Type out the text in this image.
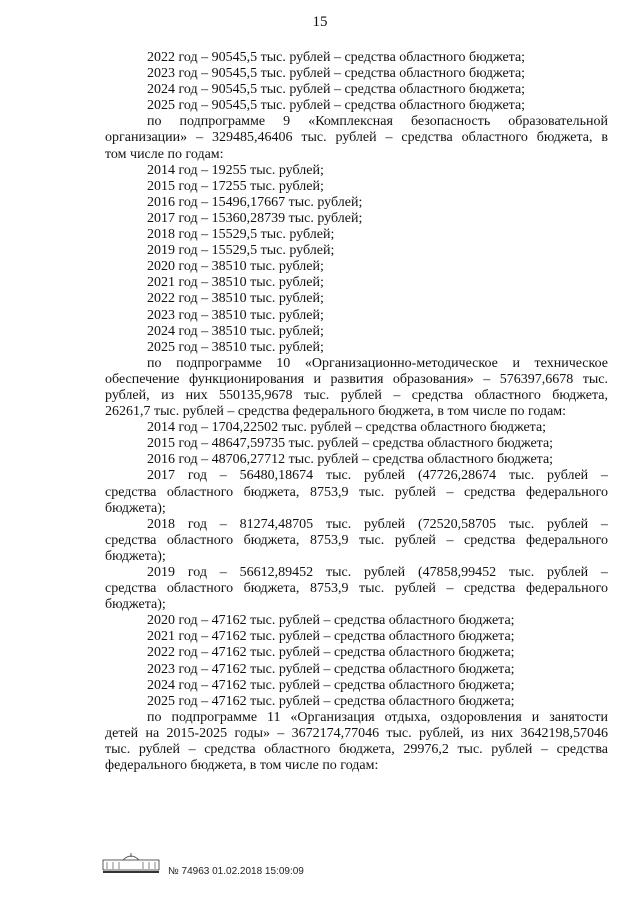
15
2022 год – 90545,5 тыс. рублей – средства областного бюджета;
2023 год – 90545,5 тыс. рублей – средства областного бюджета;
2024 год – 90545,5 тыс. рублей – средства областного бюджета;
2025 год – 90545,5 тыс. рублей – средства областного бюджета;
по подпрограмме 9 «Комплексная безопасность образовательной
организации» – 329485,46406 тыс. рублей – средства областного бюджета, в
том числе по годам:
2014 год – 19255 тыс. рублей;
2015 год – 17255 тыс. рублей;
2016 год – 15496,17667 тыс. рублей;
2017 год – 15360,28739 тыс. рублей;
2018 год – 15529,5 тыс. рублей;
2019 год – 15529,5 тыс. рублей;
2020 год – 38510 тыс. рублей;
2021 год – 38510 тыс. рублей;
2022 год – 38510 тыс. рублей;
2023 год – 38510 тыс. рублей;
2024 год – 38510 тыс. рублей;
2025 год – 38510 тыс. рублей;
по подпрограмме 10 «Организационно-методическое и техническое
обеспечение функционирования и развития образования» – 576397,6678 тыс.
рублей, из них 550135,9678 тыс. рублей – средства областного бюджета,
26261,7 тыс. рублей – средства федерального бюджета, в том числе по годам:
2014 год – 1704,22502 тыс. рублей – средства областного бюджета;
2015 год – 48647,59735 тыс. рублей – средства областного бюджета;
2016 год – 48706,27712 тыс. рублей – средства областного бюджета;
2017 год – 56480,18674 тыс. рублей (47726,28674 тыс. рублей –
средства областного бюджета, 8753,9 тыс. рублей – средства федерального
бюджета);
2018 год – 81274,48705 тыс. рублей (72520,58705 тыс. рублей –
средства областного бюджета, 8753,9 тыс. рублей – средства федерального
бюджета);
2019 год – 56612,89452 тыс. рублей (47858,99452 тыс. рублей –
средства областного бюджета, 8753,9 тыс. рублей – средства федерального
бюджета);
2020 год – 47162 тыс. рублей – средства областного бюджета;
2021 год – 47162 тыс. рублей – средства областного бюджета;
2022 год – 47162 тыс. рублей – средства областного бюджета;
2023 год – 47162 тыс. рублей – средства областного бюджета;
2024 год – 47162 тыс. рублей – средства областного бюджета;
2025 год – 47162 тыс. рублей – средства областного бюджета;
по подпрограмме 11 «Организация отдыха, оздоровления и занятости
детей на 2015-2025 годы» – 3672174,77046 тыс. рублей, из них 3642198,57046
тыс. рублей – средства областного бюджета, 29976,2 тыс. рублей – средства
федерального бюджета, в том числе по годам:
№ 74963 01.02.2018 15:09:09
